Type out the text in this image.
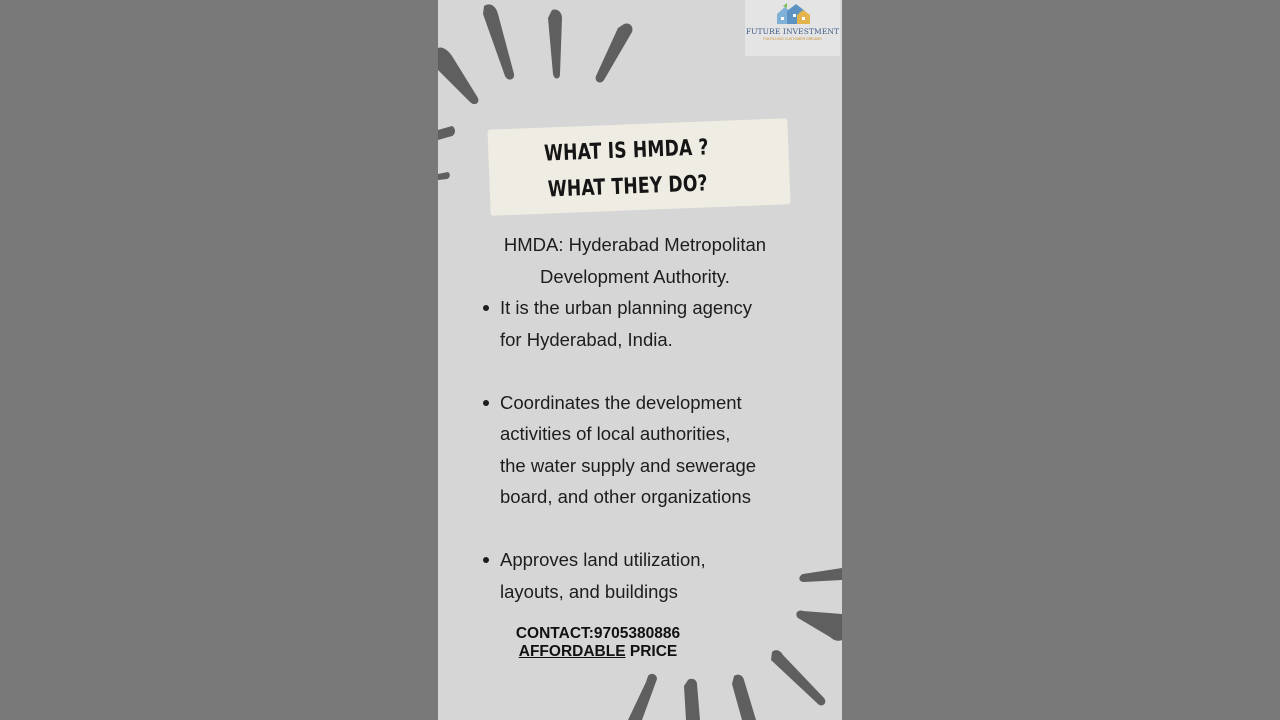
FUTURE INVESTMENT
FULFILLING CUSTOMER DREAMS
WHAT IS HMDA ?
WHAT THEY DO?
HMDA: Hyderabad Metropolitan
Development Authority.
It is the urban planning agency
for Hyderabad, India.
Coordinates the development
activities of local authorities,
the water supply and sewerage
board, and other organizations
Approves land utilization,
layouts, and buildings
CONTACT:9705380886
AFFORDABLE PRICE
